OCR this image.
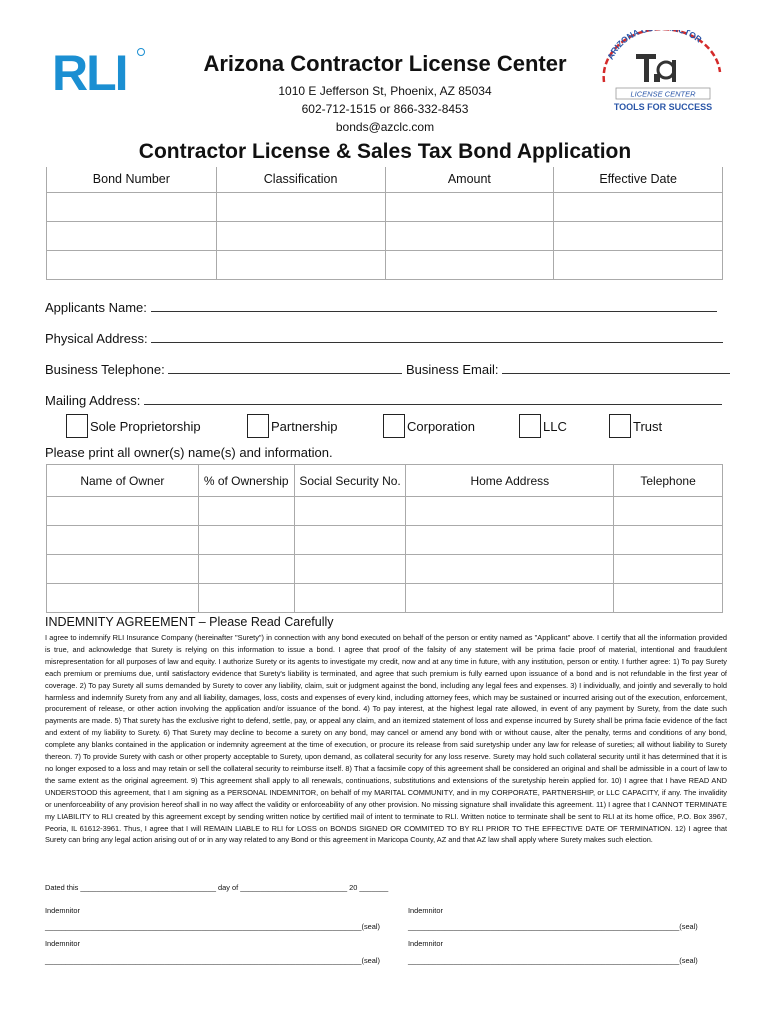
RLI	ARIZONA CTOR
LICENSE CENTER
TOOLS FOR SUCCESS
Arizona Contractor License Center
1010 E Jefferson St, Phoenix, AZ 85034
602-712-1515 or 866-332-8453
bonds@azclc.com
Contractor License & Sales Tax Bond Application
Bond Number	Classification	Amount	Effective Date

Applicants Name:
Physical Address:
Business Telephone:	Business Email:
Mailing Address:
Sole Proprietorship	Partnership	Corporation	LLC	Trust
Please print all owner(s) name(s) and information.
Name of Owner	% of Ownership	Social Security No.	Home Address	Telephone

INDEMNITY AGREEMENT – Please Read Carefully
I agree to indemnify RLI Insurance Company (hereinafter "Surety") in connection with any bond executed on behalf of the person or entity named as "Applicant" above. I certify that all the information provided is true, and acknowledge that Surety is relying on this information to issue a bond. I agree that proof of the falsity of any statement will be prima facie proof of material, intentional and fraudulent misrepresentation for all purposes of law and equity. I authorize Surety or its agents to investigate my credit, now and at any time in future, with any institution, person or entity. I further agree: 1) To pay Surety each premium or premiums due, until satisfactory evidence that Surety's liability is terminated, and agree that such premium is fully earned upon issuance of a bond and is not refundable in the first year of coverage. 2) To pay Surety all sums demanded by Surety to cover any liability, claim, suit or judgment against the bond, including any legal fees and expenses. 3) I individually, and jointly and severally to hold harmless and indemnify Surety from any and all liability, damages, loss, costs and expenses of every kind, including attorney fees, which may be sustained or incurred arising out of the execution, enforcement, procurement of release, or other action involving the application and/or issuance of the bond. 4) To pay interest, at the highest legal rate allowed, in event of any payment by Surety, from the date such payments are made. 5) That surety has the exclusive right to defend, settle, pay, or appeal any claim, and an itemized statement of loss and expense incurred by Surety shall be prima facie evidence of the fact and extent of my liability to Surety. 6) That Surety may decline to become a surety on any bond, may cancel or amend any bond with or without cause, alter the penalty, terms and conditions of any bond, complete any blanks contained in the application or indemnity agreement at the time of execution, or procure its release from said suretyship under any law for release of sureties; all without liability to Surety thereon. 7) To provide Surety with cash or other property acceptable to Surety, upon demand, as collateral security for any loss reserve. Surety may hold such collateral security until it has determined that it is no longer exposed to a loss and may retain or sell the collateral security to reimburse itself. 8) That a facsimile copy of this agreement shall be considered an original and shall be admissible in a court of law to the same extent as the original agreement. 9) This agreement shall apply to all renewals, continuations, substitutions and extensions of the suretyship herein applied for. 10) I agree that I have READ AND UNDERSTOOD this agreement, that I am signing as a PERSONAL INDEMNITOR, on behalf of my MARITAL COMMUNITY, and in my CORPORATE, PARTNERSHIP, or LLC CAPACITY, if any. The invalidity or unenforceability of any provision hereof shall in no way affect the validity or enforceability of any other provision. No missing signature shall invalidate this agreement. 11) I agree that I CANNOT TERMINATE my LIABILITY to RLI created by this agreement except by sending written notice by certified mail of intent to terminate to RLI. Written notice to terminate shall be sent to RLI at its home office, P.O. Box 3967, Peoria, IL 61612-3961. Thus, I agree that I will REMAIN LIABLE to RLI for LOSS on BONDS SIGNED OR COMMITED TO BY RLI PRIOR TO THE EFFECTIVE DATE OF TERMINATION. 12) I agree that Surety can bring any legal action arising out of or in any way related to any Bond or this agreement in Maricopa County, AZ and that AZ law shall apply where Surety makes such election.
Dated this _________________________________ day of __________________________ 20 _______
Indemnitor	Indemnitor
_____________________________________________________________________________(seal)	__________________________________________________________________(seal)
Indemnitor	Indemnitor
_____________________________________________________________________________(seal)	__________________________________________________________________(seal)
